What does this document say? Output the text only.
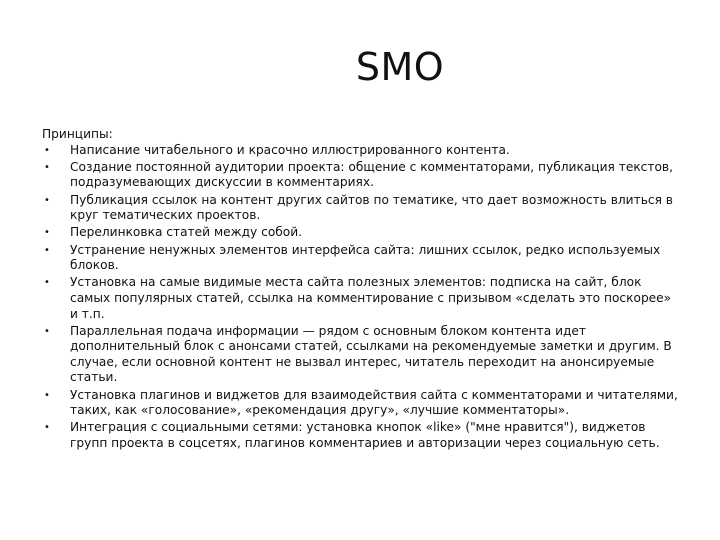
SMO

Принципы:

• Написание читабельного и красочно иллюстрированного контента.
• Создание постоянной аудитории проекта: общение с комментаторами, публикация текстов, подразумевающих дискуссии в комментариях.
• Публикация ссылок на контент других сайтов по тематике, что дает возможность влиться в круг тематических проектов.
• Перелинковка статей между собой.
• Устранение ненужных элементов интерфейса сайта: лишних ссылок, редко используемых блоков.
• Установка на самые видимые места сайта полезных элементов: подписка на сайт, блок самых популярных статей, ссылка на комментирование с призывом «сделать это поскорее» и т.п.
• Параллельная подача информации — рядом с основным блоком контента идет дополнительный блок с анонсами статей, ссылками на рекомендуемые заметки и другим. В случае, если основной контент не вызвал интерес, читатель переходит на анонсируемые статьи.
• Установка плагинов и виджетов для взаимодействия сайта с комментаторами и читателями, таких, как «голосование», «рекомендация другу», «лучшие комментаторы».
• Интеграция с социальными сетями: установка кнопок «like» ("мне нравится"), виджетов групп проекта в соцсетях, плагинов комментариев и авторизации через социальную сеть.
